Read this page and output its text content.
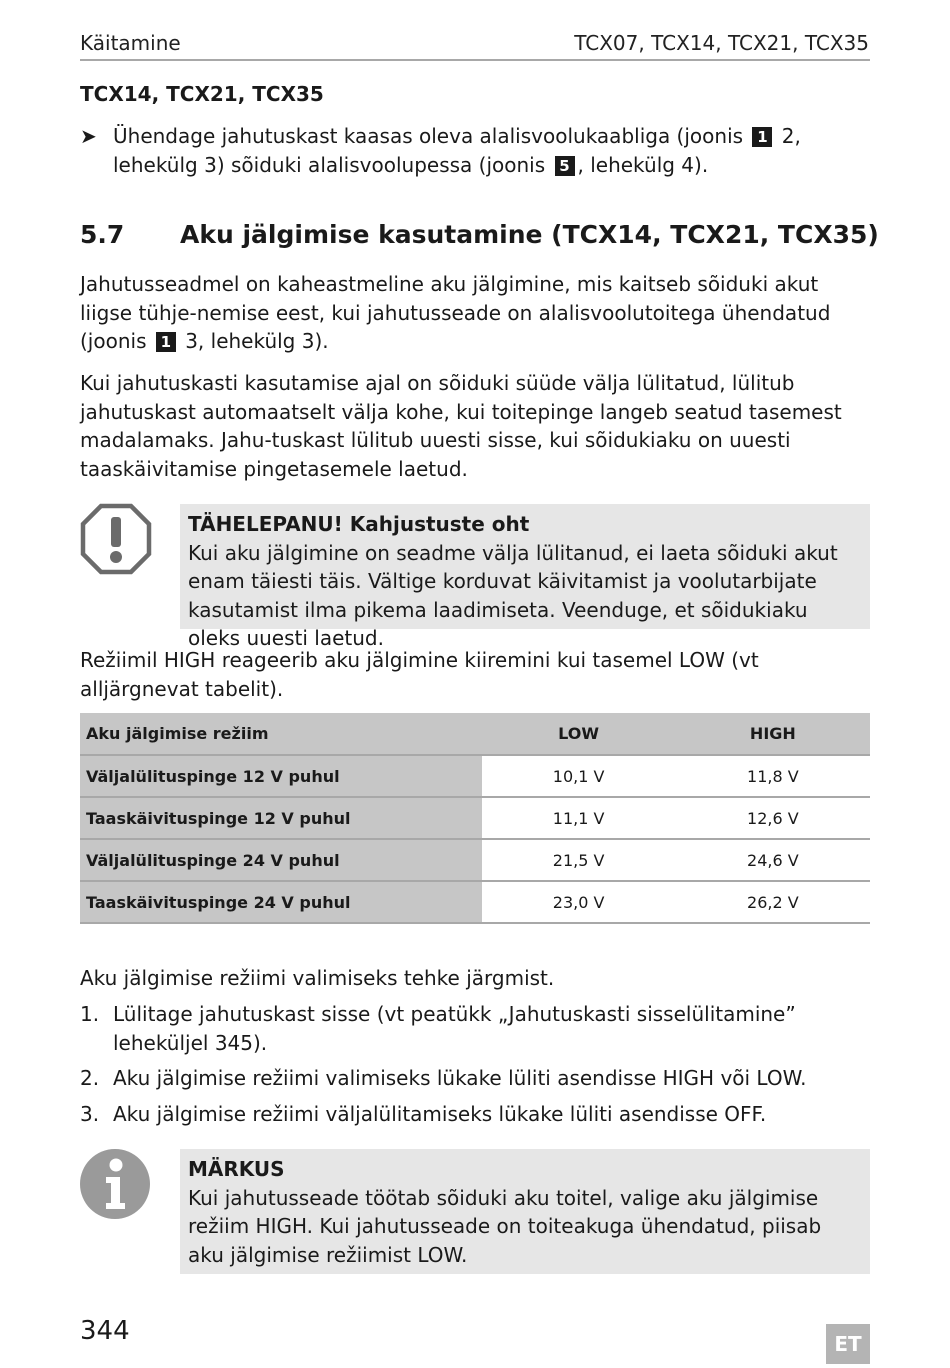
Käitamine	TCX07, TCX14, TCX21, TCX35
TCX14, TCX21, TCX35
➤ Ühendage jahutuskast kaasas oleva alalisvoolukaabliga (joonis 1 2, lehekülg 3) sõiduki alalisvoolupessa (joonis 5 , lehekülg 4).
5.7 Aku jälgimise kasutamine (TCX14, TCX21, TCX35)
Jahutusseadmel on kaheastmeline aku jälgimine, mis kaitseb sõiduki akut liigse tühje-nemise eest, kui jahutusseade on alalisvoolutoitega ühendatud (joonis 1 3, lehekülg 3).
Kui jahutuskasti kasutamise ajal on sõiduki süüde välja lülitatud, lülitub jahutuskast automaatselt välja kohe, kui toitepinge langeb seatud tasemest madalamaks. Jahu-tuskast lülitub uuesti sisse, kui sõidukiaku on uuesti taaskäivitamise pingetasemele laetud.
TÄHELEPANU! Kahjustuste oht
Kui aku jälgimine on seadme välja lülitanud, ei laeta sõiduki akut enam täiesti täis. Vältige korduvat käivitamist ja voolutarbijate kasutamist ilma pikema laadimiseta. Veenduge, et sõidukiaku oleks uuesti laetud.
Režiimil HIGH reageerib aku jälgimine kiiremini kui tasemel LOW (vt alljärgnevat tabelit).
Aku jälgimise režiim	LOW	HIGH
Väljalülituspinge 12 V puhul	10,1 V	11,8 V
Taaskäivituspinge 12 V puhul	11,1 V	12,6 V
Väljalülituspinge 24 V puhul	21,5 V	24,6 V
Taaskäivituspinge 24 V puhul	23,0 V	26,2 V
Aku jälgimise režiimi valimiseks tehke järgmist.
1. Lülitage jahutuskast sisse (vt peatükk „Jahutuskasti sisselülitamine” leheküljel 345).
2. Aku jälgimise režiimi valimiseks lükake lüliti asendisse HIGH või LOW.
3. Aku jälgimise režiimi väljalülitamiseks lükake lüliti asendisse OFF.
MÄRKUS
Kui jahutusseade töötab sõiduki aku toitel, valige aku jälgimise režiim HIGH. Kui jahutusseade on toiteakuga ühendatud, piisab aku jälgimise režiimist LOW.
344	ET
